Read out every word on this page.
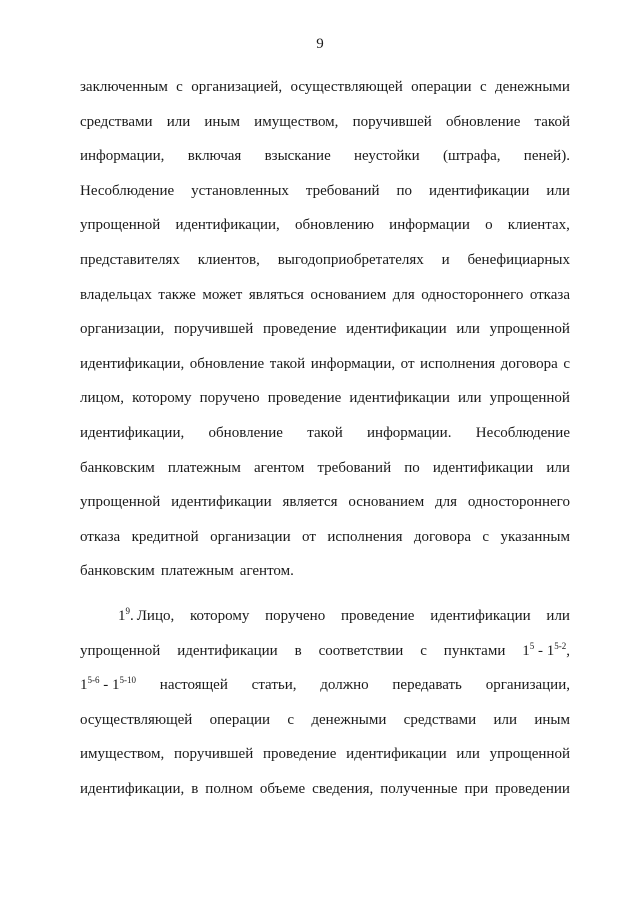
9
заключенным с организацией, осуществляющей операции с денежными
средствами или иным имуществом, поручившей обновление такой
информации, включая взыскание неустойки (штрафа, пеней).
Несоблюдение установленных требований по идентификации или
упрощенной идентификации, обновлению информации о клиентах,
представителях клиентов, выгодоприобретателях и бенефициарных
владельцах также может являться основанием для одностороннего отказа
организации, поручившей проведение идентификации или упрощенной
идентификации, обновление такой информации, от исполнения договора с
лицом, которому поручено проведение идентификации или упрощенной
идентификации, обновление такой информации. Несоблюдение
банковским платежным агентом требований по идентификации или
упрощенной идентификации является основанием для одностороннего
отказа кредитной организации от исполнения договора с указанным
банковским платежным агентом.
$1^9$. Лицо, которому поручено проведение идентификации или
упрощенной идентификации в соответствии с пунктами $1^5 - 1^{5-2}$,
1$^{5-6}$ - 1$^{5-10}$ настоящей статьи, должно передавать организации,
осуществляющей операции с денежными средствами или иным
имуществом, поручившей проведение идентификации или упрощенной
идентификации, в полном объеме сведения, полученные при проведении
